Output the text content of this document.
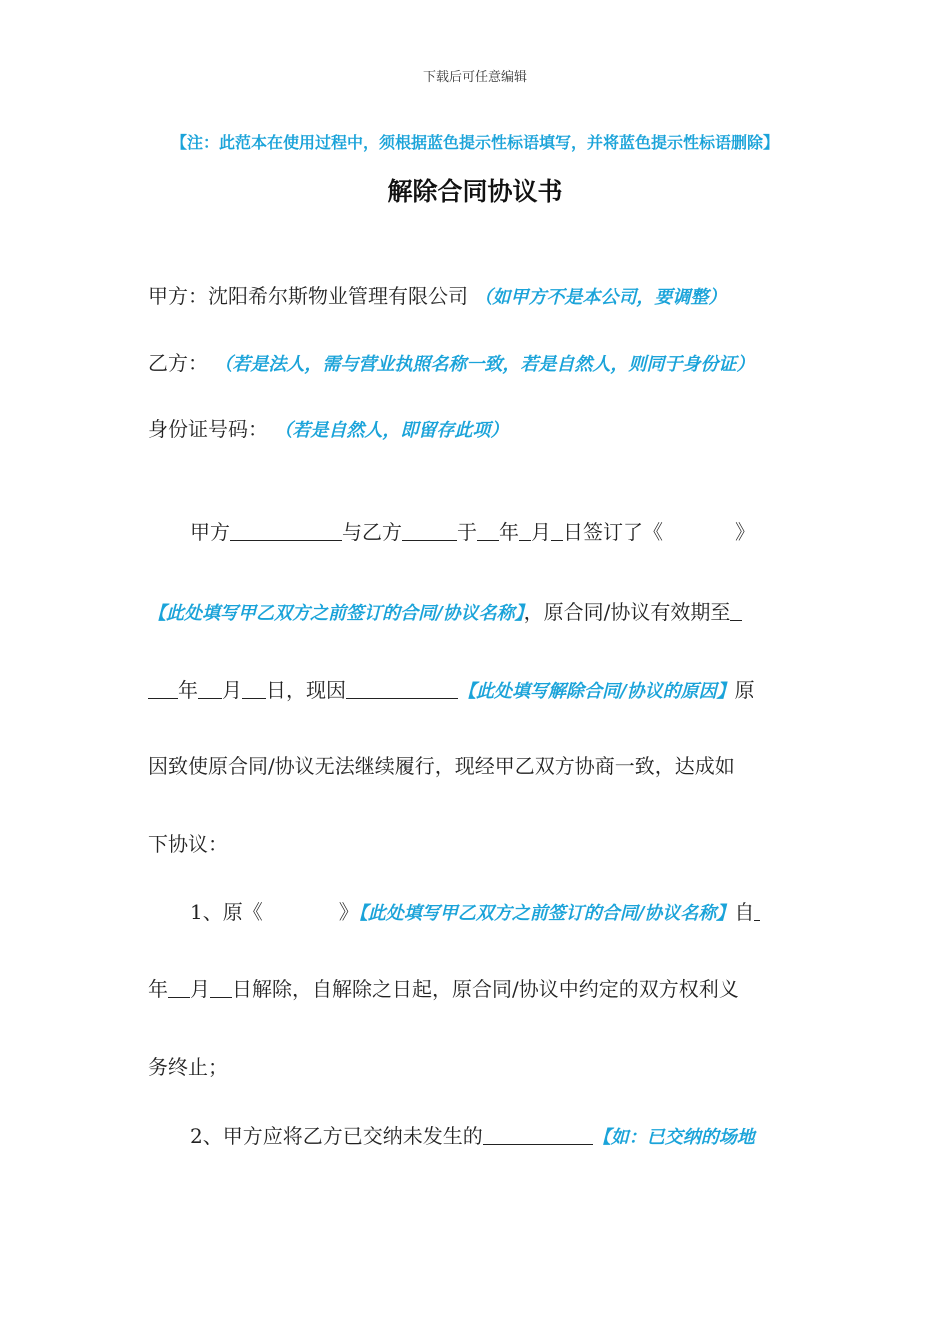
下载后可任意编辑
【注：此范本在使用过程中，须根据蓝色提示性标语填写，并将蓝色提示性标语删除】
解除合同协议书
甲方：沈阳希尔斯物业管理有限公司 （如甲方不是本公司，要调整）
乙方： （若是法人，需与营业执照名称一致，若是自然人，则同于身份证）
身份证号码： （若是自然人，即留存此项）
甲方	与乙方	于 年 月 日签订了《	》
【此处填写甲乙双方之前签订的合同/协议名称】，原合同/协议有效期至
年 月 日，现因	【此处填写解除合同/协议的原因】原
因致使原合同/协议无法继续履行，现经甲乙双方协商一致，达成如
下协议：
1、原《	》【此处填写甲乙双方之前签订的合同/协议名称】自
年 月 日解除，自解除之日起，原合同/协议中约定的双方权利义
务终止；
2、甲方应将乙方已交纳未发生的	【如：已交纳的场地
